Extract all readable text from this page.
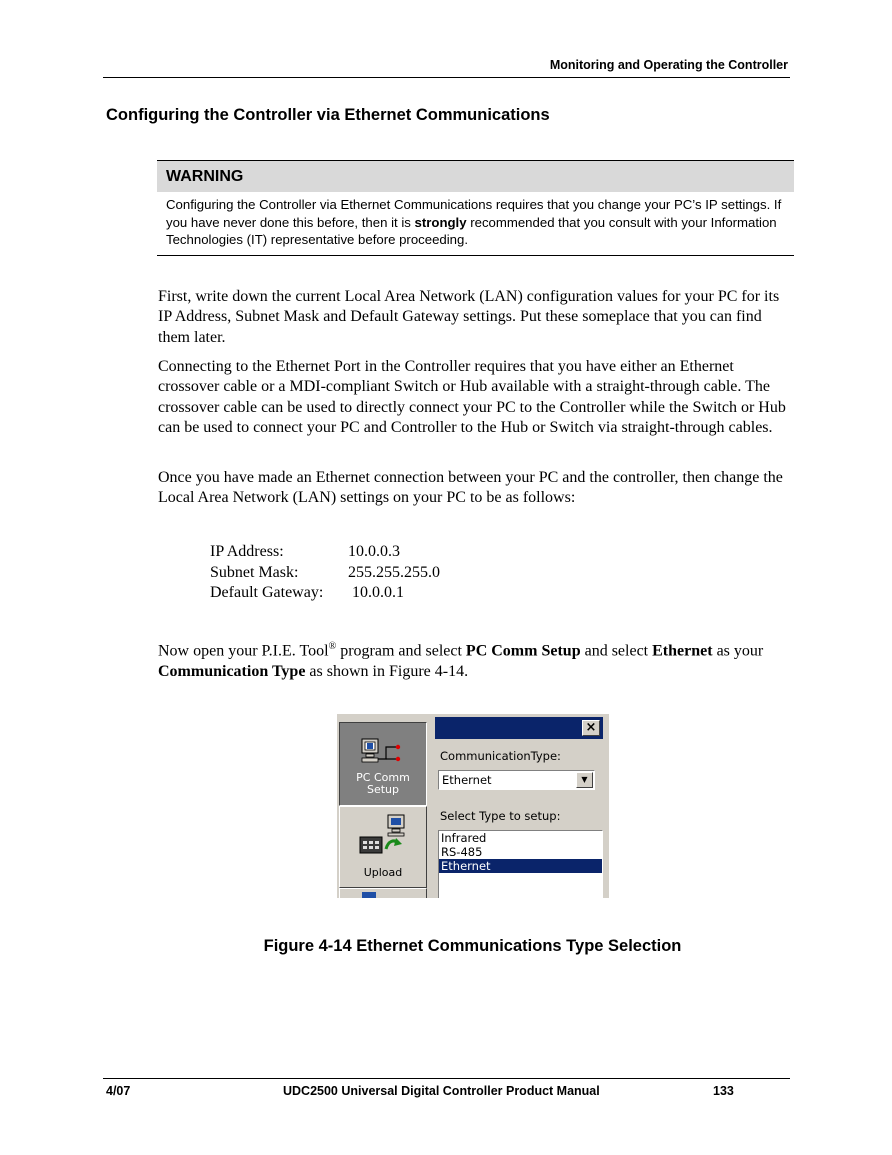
Monitoring and Operating the Controller
Configuring the Controller via Ethernet Communications
WARNING
Configuring the Controller via Ethernet Communications requires that you change your PC’s IP settings. If you have never done this before, then it is strongly recommended that you consult with your Information Technologies (IT) representative before proceeding.
First, write down the current Local Area Network (LAN) configuration values for your PC for its IP Address, Subnet Mask and Default Gateway settings. Put these someplace that you can find them later.
Connecting to the Ethernet Port in the Controller requires that you have either an Ethernet crossover cable or a MDI-compliant Switch or Hub available with a straight-through cable. The crossover cable can be used to directly connect your PC to the Controller while the Switch or Hub can be used to connect your PC and Controller to the Hub or Switch via straight-through cables.
Once you have made an Ethernet connection between your PC and the controller, then change the Local Area Network (LAN) settings on your PC to be as follows:
IP Address:	10.0.0.3
Subnet Mask:	255.255.255.0
Default Gateway: 10.0.0.1
Now open your P.I.E. Tool® program and select PC Comm Setup and select Ethernet as your Communication Type as shown in Figure 4-14.
PC Comm Setup
Upload
×
CommunicationType:
Ethernet	▼
Select Type to setup:
Infrared
RS-485
Ethernet
Figure 4-14 Ethernet Communications Type Selection
4/07	UDC2500 Universal Digital Controller Product Manual	133
